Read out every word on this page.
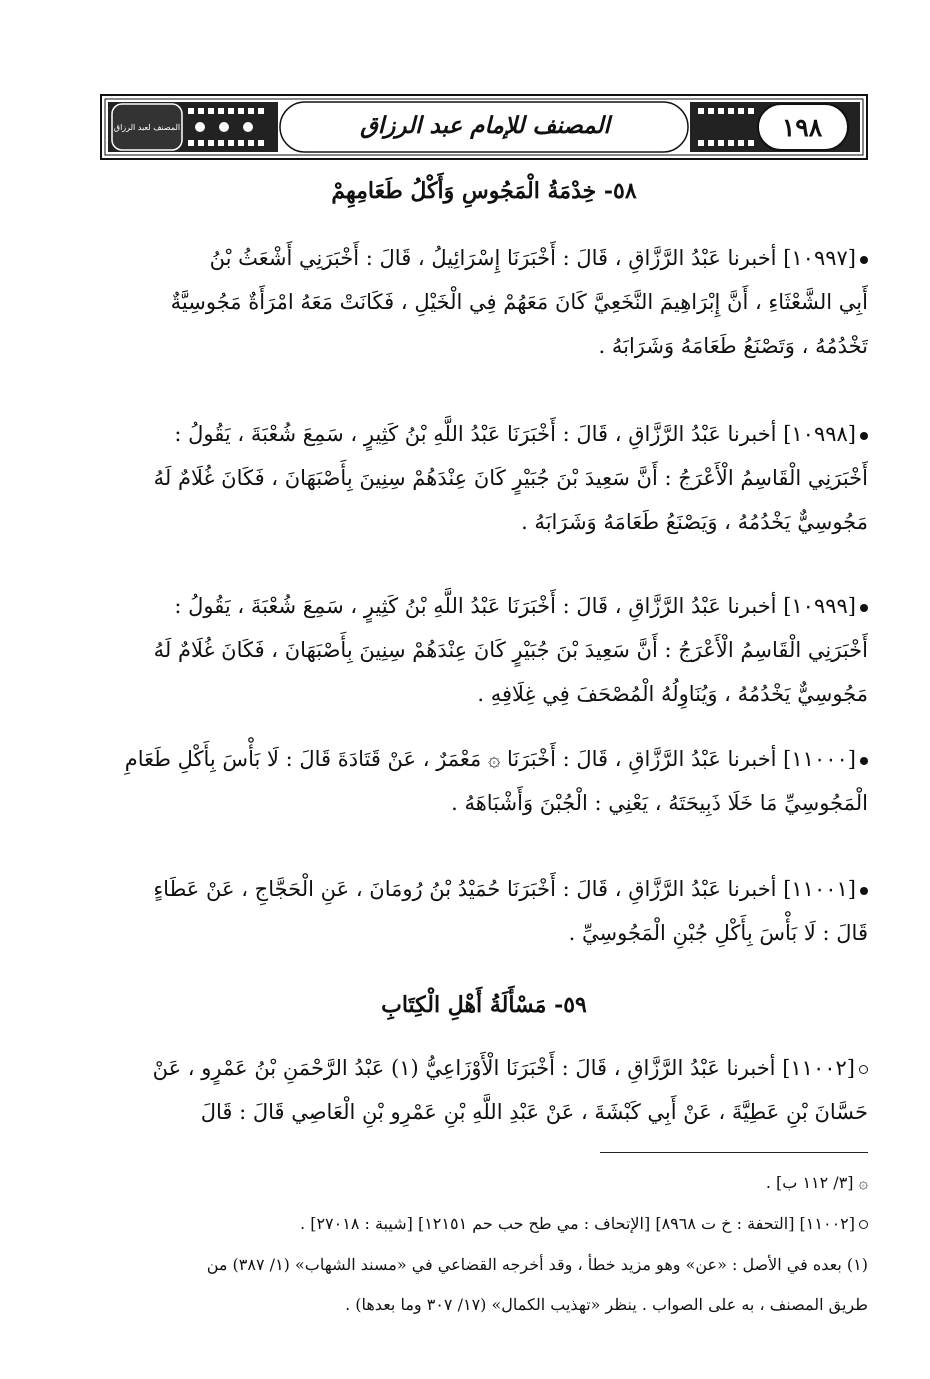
١٩٨
المصنف للإمام عبد الرزاق
المصنف لعبد الرزاق
٥٨- خِدْمَةُ الْمَجُوسِ وَأَكْلُ طَعَامِهِمْ
[١٠٩٩٧] أخبرنا عَبْدُ الرَّزَّاقِ ، قَالَ : أَخْبَرَنَا إِسْرَائِيلُ ، قَالَ : أَخْبَرَنِي أَشْعَثُ بْنُ
أَبِي الشَّعْثَاءِ ، أَنَّ إِبْرَاهِيمَ النَّخَعِيَّ كَانَ مَعَهُمْ فِي الْخَيْلِ ، فَكَانَتْ مَعَهُ امْرَأَةٌ مَجُوسِيَّةٌ
تَخْدُمُهُ ، وَتَصْنَعُ طَعَامَهُ وَشَرَابَهُ .
[١٠٩٩٨] أخبرنا عَبْدُ الرَّزَّاقِ ، قَالَ : أَخْبَرَنَا عَبْدُ اللَّهِ بْنُ كَثِيرٍ ، سَمِعَ شُعْبَةَ ، يَقُولُ :
أَخْبَرَنِي الْقَاسِمُ الْأَعْرَجُ : أَنَّ سَعِيدَ بْنَ جُبَيْرٍ كَانَ عِنْدَهُمْ سِنِينَ بِأَصْبَهَانَ ، فَكَانَ غُلَامٌ لَهُ
مَجُوسِيٌّ يَخْدُمُهُ ، وَيَصْنَعُ طَعَامَهُ وَشَرَابَهُ .
[١٠٩٩٩] أخبرنا عَبْدُ الرَّزَّاقِ ، قَالَ : أَخْبَرَنَا عَبْدُ اللَّهِ بْنُ كَثِيرٍ ، سَمِعَ شُعْبَةَ ، يَقُولُ :
أَخْبَرَنِي الْقَاسِمُ الْأَعْرَجُ : أَنَّ سَعِيدَ بْنَ جُبَيْرٍ كَانَ عِنْدَهُمْ سِنِينَ بِأَصْبَهَانَ ، فَكَانَ غُلَامٌ لَهُ
مَجُوسِيٌّ يَخْدُمُهُ ، وَيُنَاوِلُهُ الْمُصْحَفَ فِي غِلَافِهِ .
[١١٠٠٠] أخبرنا عَبْدُ الرَّزَّاقِ ، قَالَ : أَخْبَرَنَا ۞ مَعْمَرٌ ، عَنْ قَتَادَةَ قَالَ : لَا بَأْسَ بِأَكْلِ طَعَامِ
الْمَجُوسِيِّ مَا خَلَا ذَبِيحَتَهُ ، يَعْنِي : الْجُبْنَ وَأَشْبَاهَهُ .
[١١٠٠١] أخبرنا عَبْدُ الرَّزَّاقِ ، قَالَ : أَخْبَرَنَا حُمَيْدُ بْنُ رُومَانَ ، عَنِ الْحَجَّاجِ ، عَنْ عَطَاءٍ
قَالَ : لَا بَأْسَ بِأَكْلِ جُبْنِ الْمَجُوسِيِّ .
٥٩- مَسْأَلَةُ أَهْلِ الْكِتَابِ
[١١٠٠٢] أخبرنا عَبْدُ الرَّزَّاقِ ، قَالَ : أَخْبَرَنَا الْأَوْزَاعِيُّ (١) عَبْدُ الرَّحْمَنِ بْنُ عَمْرٍو ، عَنْ
حَسَّانَ بْنِ عَطِيَّةَ ، عَنْ أَبِي كَبْشَةَ ، عَنْ عَبْدِ اللَّهِ بْنِ عَمْرِو بْنِ الْعَاصِي قَالَ : قَالَ
۞ [٣/ ١١٢ ب] .
[١١٠٠٢] [التحفة : خ ت ٨٩٦٨] [الإتحاف : مي طح حب حم ١٢١٥١] [شيبة : ٢٧٠١٨] .
(١) بعده في الأصل : «عن» وهو مزيد خطأ ، وقد أخرجه القضاعي في «مسند الشهاب» (١/ ٣٨٧) من
طريق المصنف ، به على الصواب . ينظر «تهذيب الكمال» (١٧/ ٣٠٧ وما بعدها) .
